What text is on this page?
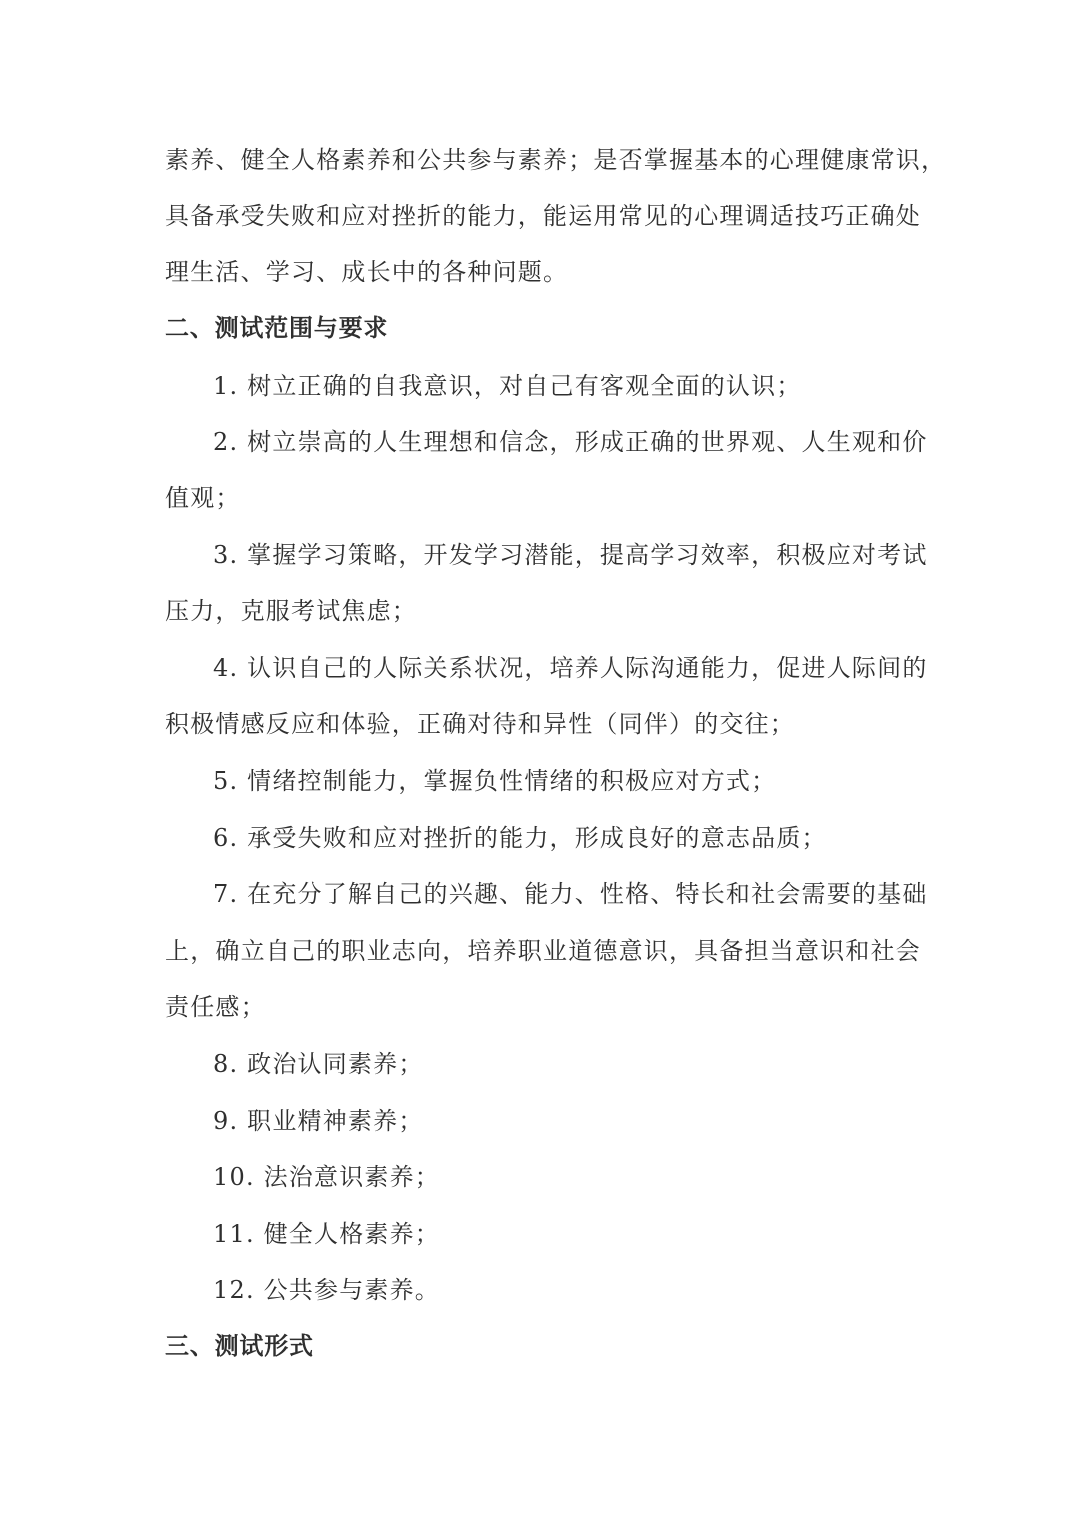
素养、健全人格素养和公共参与素养；是否掌握基本的心理健康常识，
具备承受失败和应对挫折的能力，能运用常见的心理调适技巧正确处
理生活、学习、成长中的各种问题。
二、测试范围与要求
1. 树立正确的自我意识，对自己有客观全面的认识；
2. 树立崇高的人生理想和信念，形成正确的世界观、人生观和价
值观；
3. 掌握学习策略，开发学习潜能，提高学习效率，积极应对考试
压力，克服考试焦虑；
4. 认识自己的人际关系状况，培养人际沟通能力，促进人际间的
积极情感反应和体验，正确对待和异性（同伴）的交往；
5. 情绪控制能力，掌握负性情绪的积极应对方式；
6. 承受失败和应对挫折的能力，形成良好的意志品质；
7. 在充分了解自己的兴趣、能力、性格、特长和社会需要的基础
上，确立自己的职业志向，培养职业道德意识，具备担当意识和社会
责任感；
8. 政治认同素养；
9. 职业精神素养；
10. 法治意识素养；
11. 健全人格素养；
12. 公共参与素养。
三、测试形式
